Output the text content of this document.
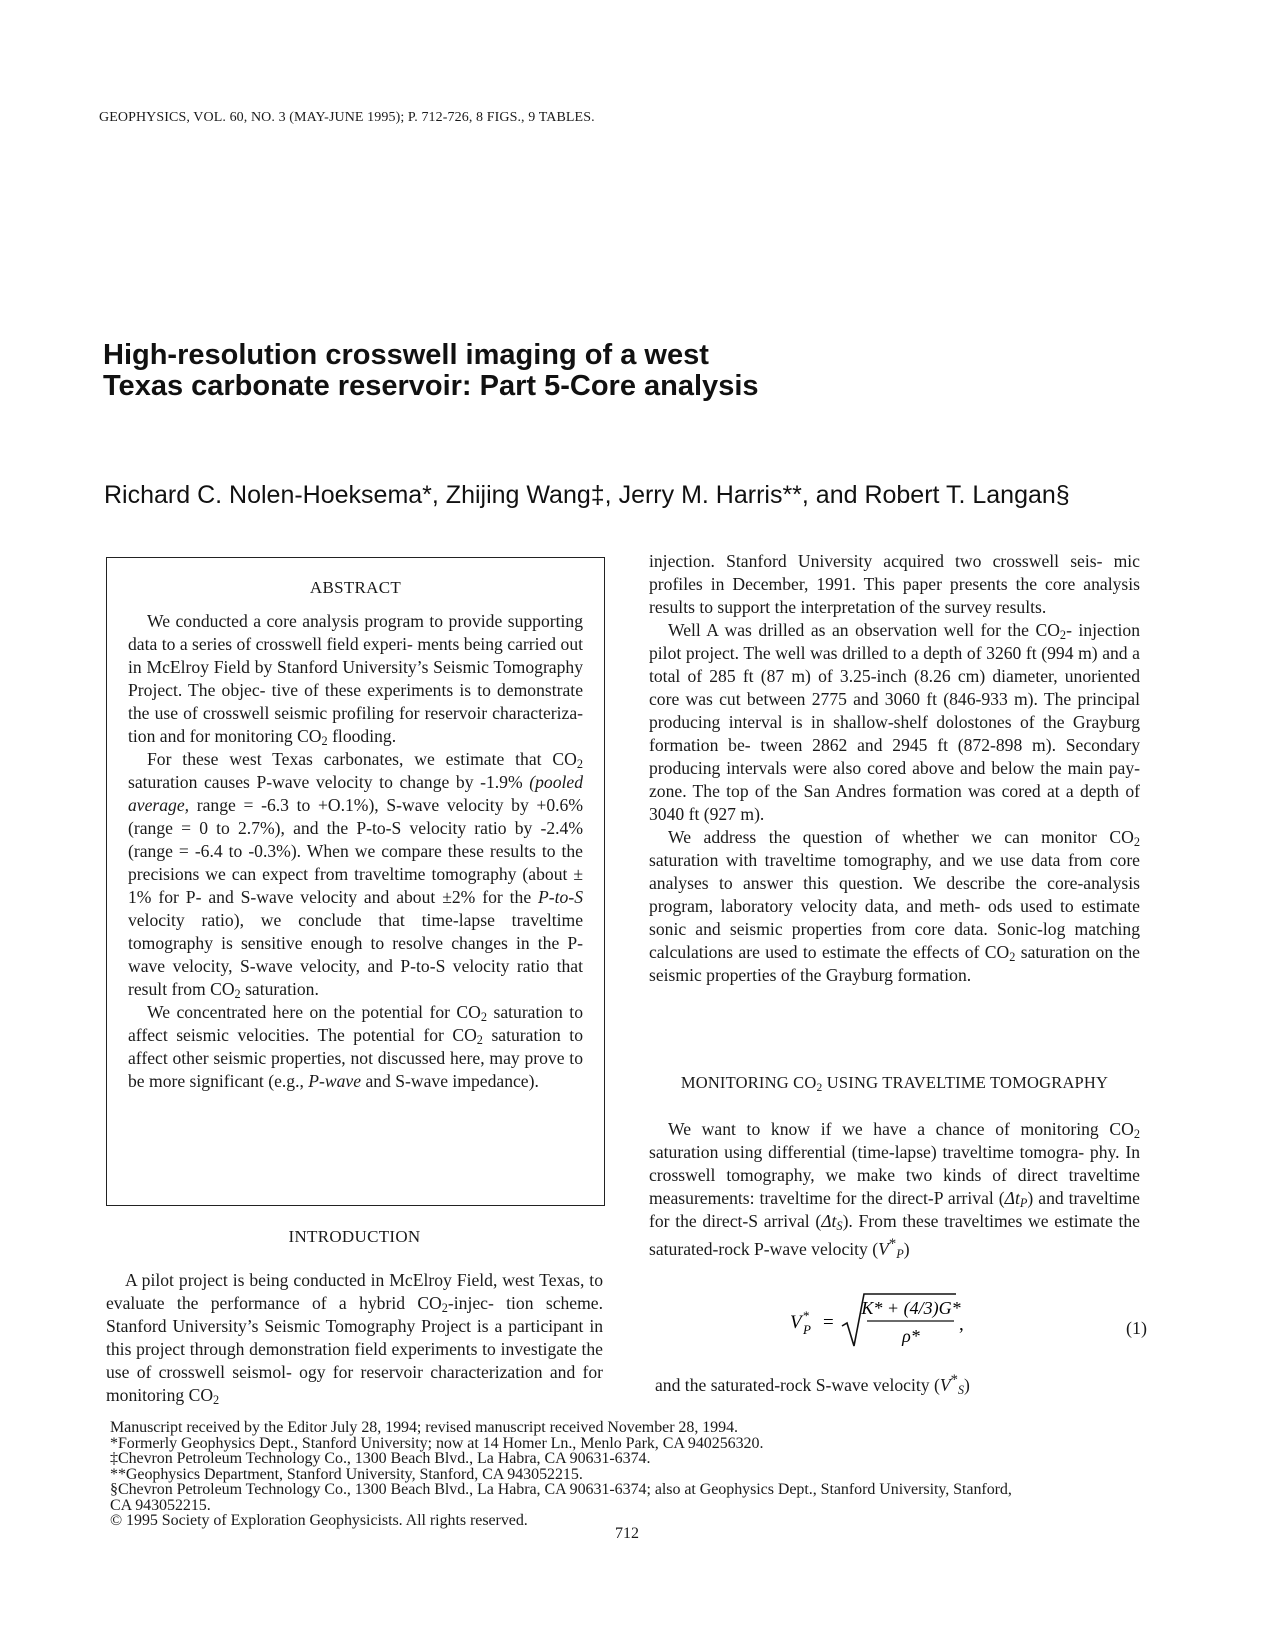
GEOPHYSICS, VOL. 60, NO. 3 (MAY-JUNE 1995); P. 712-726, 8 FIGS., 9 TABLES.
High-resolution crosswell imaging of a west
Texas carbonate reservoir: Part 5-Core analysis
Richard C. Nolen-Hoeksema*, Zhijing Wang‡, Jerry M. Harris**, and Robert T. Langan§
ABSTRACT

We conducted a core analysis program to provide supporting data to a series of crosswell field experi- ments being carried out in McElroy Field by Stanford University’s Seismic Tomography Project. The objec- tive of these experiments is to demonstrate the use of crosswell seismic profiling for reservoir characteriza- tion and for monitoring $CO_2$ flooding.

For these west Texas carbonates, we estimate that $CO_2$ saturation causes P-wave velocity to change by -1.9% (pooled average, range = -6.3 to +O.1%), S-wave velocity by +0.6% (range = 0 to 2.7%), and the P-to-S velocity ratio by -2.4% (range = -6.4 to -0.3%). When we compare these results to the precisions we can expect from traveltime tomography (about ± 1% for P- and S-wave velocity and about ±2% for the P-to-S velocity ratio), we conclude that time-lapse traveltime tomography is sensitive enough to resolve changes in the P-wave velocity, S-wave velocity, and P-to-S velocity ratio that result from $CO_2$ saturation.

We concentrated here on the potential for $CO_2$ saturation to affect seismic velocities. The potential for $CO_2$ saturation to affect other seismic properties, not discussed here, may prove to be more significant (e.g., P-wave and S-wave impedance).

INTRODUCTION

A pilot project is being conducted in McElroy Field, west Texas, to evaluate the performance of a hybrid $CO_2-injec-$ tion scheme. Stanford University’s Seismic Tomography Project is a participant in this project through demonstration field experiments to investigate the use of crosswell seismol- ogy for reservoir characterization and for monitoring $CO_2$

injection. Stanford University acquired two crosswell seis- mic profiles in December, 1991. This paper presents the core analysis results to support the interpretation of the survey results.

Well A was drilled as an observation well for the $CO_2-$ injection pilot project. The well was drilled to a depth of 3260 ft (994 m) and a total of 285 ft (87 m) of 3.25-inch (8.26 cm) diameter, unoriented core was cut between 2775 and 3060 ft (846-933 m). The principal producing interval is in shallow-shelf dolostones of the Grayburg formation be- tween 2862 and 2945 ft (872-898 m). Secondary producing intervals were also cored above and below the main pay- zone. The top of the San Andres formation was cored at a depth of 3040 ft (927 m).

We address the question of whether we can monitor $CO_2$ saturation with traveltime tomography, and we use data from core analyses to answer this question. We describe the core-analysis program, laboratory velocity data, and meth- ods used to estimate sonic and seismic properties from core data. Sonic-log matching calculations are used to estimate the effects of $CO_2$ saturation on the seismic properties of the Grayburg formation.

MONITORING $CO_2$ USING TRAVELTIME TOMOGRAPHY

We want to know if we have a chance of monitoring $CO_2$ saturation using differential (time-lapse) traveltime tomogra- phy. In crosswell tomography, we make two kinds of direct traveltime measurements: traveltime for the direct-P arrival $(\Delta t_P)$ and traveltime for the direct-S arrival $(\Delta t_S)$. From these traveltimes we estimate the saturated-rock P-wave velocity $(V^*_P)$

V *
P =
K* + (4/3)G*
ρ*
,	(1)
and the saturated-rock S-wave velocity $(V^*_S)$
Manuscript received by the Editor July 28, 1994; revised manuscript received November 28, 1994.
*Formerly Geophysics Dept., Stanford University; now at 14 Homer Ln., Menlo Park, CA 940256320.
‡Chevron Petroleum Technology Co., 1300 Beach Blvd., La Habra, CA 90631-6374.
**Geophysics Department, Stanford University, Stanford, CA 943052215.
§Chevron Petroleum Technology Co., 1300 Beach Blvd., La Habra, CA 90631-6374; also at Geophysics Dept., Stanford University, Stanford,
CA 943052215.
© 1995 Society of Exploration Geophysicists. All rights reserved.
712
